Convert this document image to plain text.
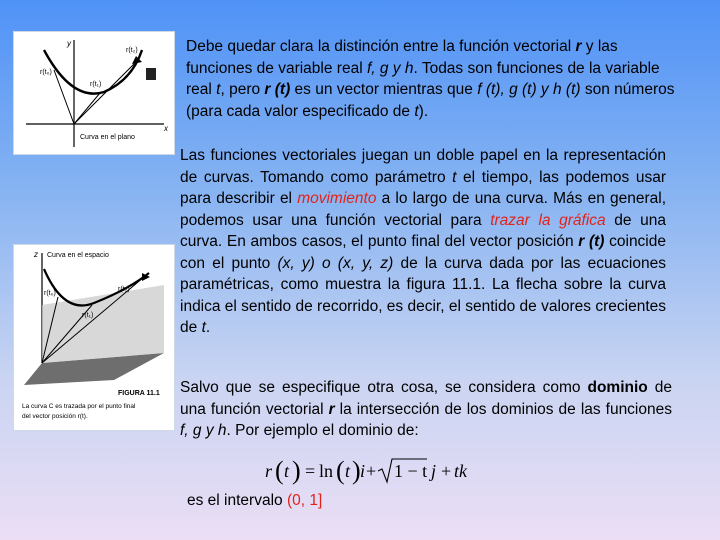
y
x
r(t₀)
r(t₁)
r(t₂)
Curva en el plano
Curva en el espacio
z
r(t₀)
r(t₁)
r(t₂)
FIGURA 11.1
La curva C es trazada por el punto final
del vector posición r(t).

Debe quedar clara la distinción entre la función vectorial r y las funciones de variable real f, g y h. Todas son funciones de la variable real t, pero r (t) es un vector mientras que f (t), g (t) y h (t) son números (para cada valor especificado de t).

Las funciones vectoriales juegan un doble papel en la representación de curvas. Tomando como parámetro t el tiempo, las podemos usar para describir el movimiento a lo largo de una curva. Más en general, podemos usar una función vectorial para trazar la gráfica de una curva. En ambos casos, el punto final del vector posición r (t) coincide con el punto (x, y) o (x, y, z) de la curva dada por las ecuaciones paramétricas, como muestra la figura 11.1. La flecha sobre la curva indica el sentido de recorrido, es decir, el sentido de valores crecientes de t.

Salvo que se especifique otra cosa, se considera como dominio de una función vectorial r la intersección de los dominios de las funciones f, g y h. Por ejemplo el dominio de:

r ( t ) = ln ( t ) i + 1 − t j + tk

es el intervalo (0, 1]
